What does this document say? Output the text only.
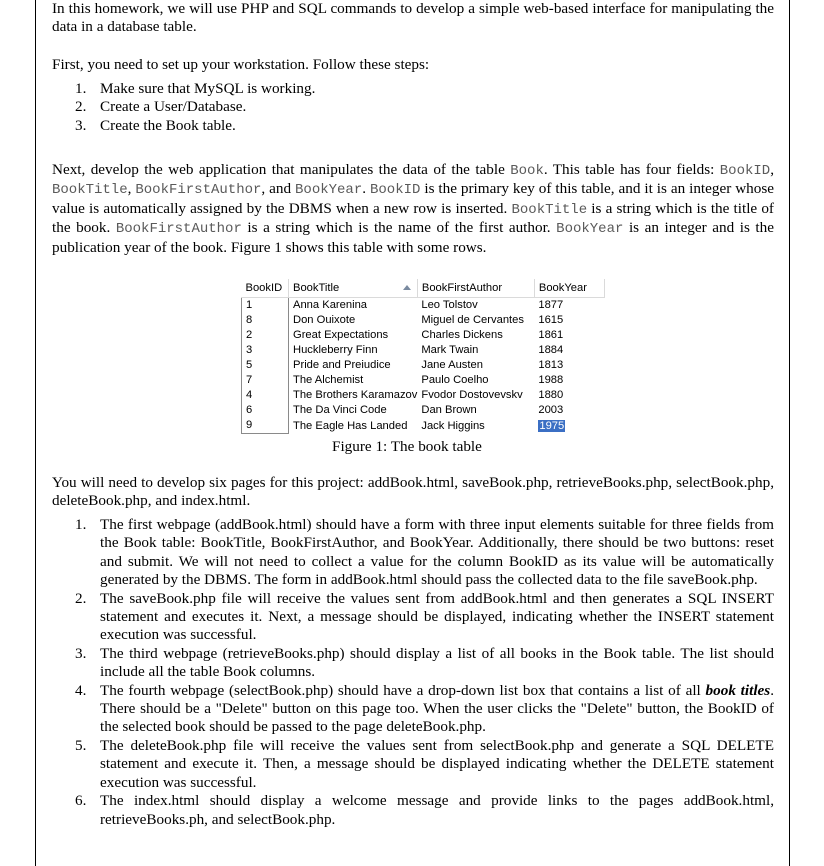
In this homework, we will use PHP and SQL commands to develop a simple web-based interface for manipulating the data in a database table.

First, you need to set up your workstation. Follow these steps:

1. Make sure that MySQL is working.
2. Create a User/Database.
3. Create the Book table.

Next, develop the web application that manipulates the data of the table Book. This table has four fields: BookID, BookTitle, BookFirstAuthor, and BookYear. BookID is the primary key of this table, and it is an integer whose value is automatically assigned by the DBMS when a new row is inserted. BookTitle is a string which is the title of the book. BookFirstAuthor is a string which is the name of the first author. BookYear is an integer and is the publication year of the book. Figure 1 shows this table with some rows.

BookID	BookTitle	BookFirstAuthor	BookYear
1	Anna Karenina	Leo Tolstov	1877
8	Don Ouixote	Miguel de Cervantes	1615
2	Great Expectations	Charles Dickens	1861
3	Huckleberry Finn	Mark Twain	1884
5	Pride and Preiudice	Jane Austen	1813
7	The Alchemist	Paulo Coelho	1988
4	The Brothers Karamazov	Fvodor Dostovevskv	1880
6	The Da Vinci Code	Dan Brown	2003
9	The Eagle Has Landed	Jack Higgins	1975
Figure 1: The book table

You will need to develop six pages for this project: addBook.html, saveBook.php, retrieveBooks.php, selectBook.php, deleteBook.php, and index.html.

1. The first webpage (addBook.html) should have a form with three input elements suitable for three fields from the Book table: BookTitle, BookFirstAuthor, and BookYear. Additionally, there should be two buttons: reset and submit. We will not need to collect a value for the column BookID as its value will be automatically generated by the DBMS. The form in addBook.html should pass the collected data to the file saveBook.php.
2. The saveBook.php file will receive the values sent from addBook.html and then generates a SQL INSERT statement and executes it. Next, a message should be displayed, indicating whether the INSERT statement execution was successful.
3. The third webpage (retrieveBooks.php) should display a list of all books in the Book table. The list should include all the table Book columns.
4. The fourth webpage (selectBook.php) should have a drop-down list box that contains a list of all book titles. There should be a "Delete" button on this page too. When the user clicks the "Delete" button, the BookID of the selected book should be passed to the page deleteBook.php.
5. The deleteBook.php file will receive the values sent from selectBook.php and generate a SQL DELETE statement and execute it. Then, a message should be displayed indicating whether the DELETE statement execution was successful.
6. The index.html should display a welcome message and provide links to the pages addBook.html, retrieveBooks.ph, and selectBook.php.
